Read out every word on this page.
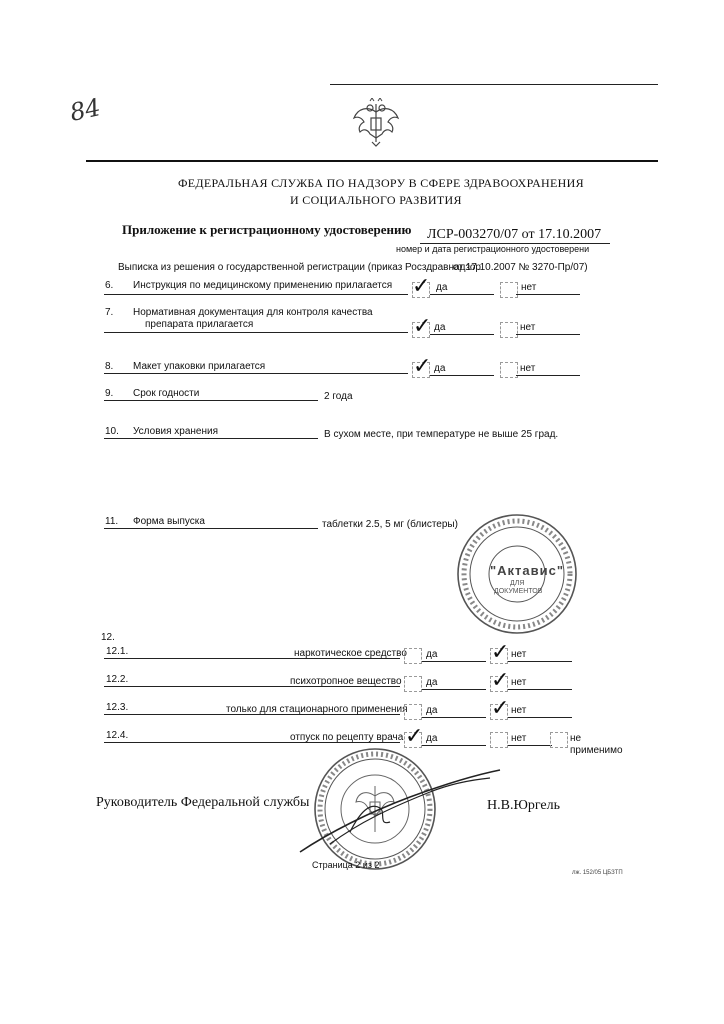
84
ФЕДЕРАЛЬНАЯ СЛУЖБА ПО НАДЗОРУ В СФЕРЕ ЗДРАВООХРАНЕНИЯ
И СОЦИАЛЬНОГО РАЗВИТИЯ
Приложение к регистрационному удостоверению ЛСР-003270/07 от 17.10.2007
номер и дата регистрационного удостоверени
Выписка из решения о государственной регистрации (приказ Росздравнадзор
от 17.10.2007 № 3270-Пр/07)
6. Инструкция по медицинскому применению прилагается ✓ да	нет
7. Нормативная документация для контроля качества
препарата прилагается	✓ да	нет
8. Макет упаковки прилагается	✓ да	нет
9. Срок годности	2 года
10. Условия хранения	В сухом месте, при температуре не выше 25 град.
11. Форма выпуска	таблетки 2.5, 5 мг (блистеры)
"Актавис"
ДЛЯ
ДОКУМЕНТОВ
12.
12.1.	наркотическое средство да ✓ нет
12.2.	психотропное вещество да ✓ нет
12.3.	только для стационарного применения да ✓ нет
12.4.	отпуск по рецепту врача ✓ да	нет	не
применимо
Руководитель Федеральной службы	Н.В.Юргель
Страница 2 из 2
лж. 152/05 ЦБЗТП
